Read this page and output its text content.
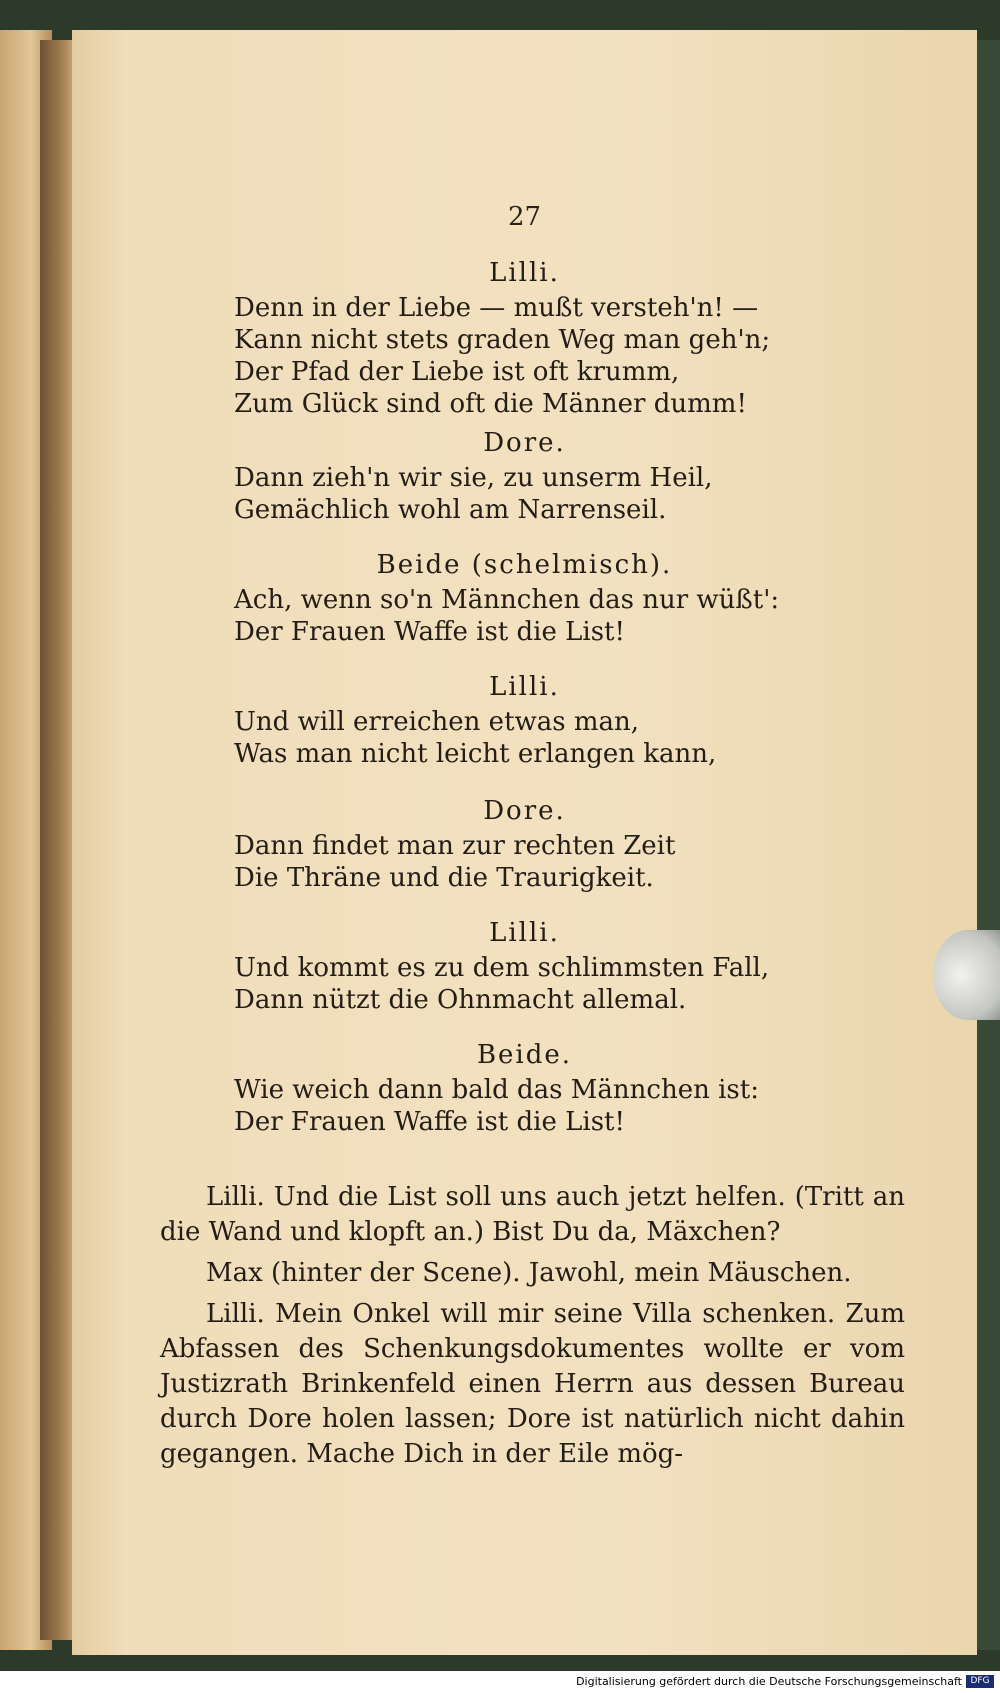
27
Lilli.
Denn in der Liebe — mußt versteh'n! —
Kann nicht stets graden Weg man geh'n;
Der Pfad der Liebe ist oft krumm,
Zum Glück sind oft die Männer dumm!
Dore.
Dann zieh'n wir sie, zu unserm Heil,
Gemächlich wohl am Narrenseil.
Beide (schelmisch).
Ach, wenn so'n Männchen das nur wüßt':
Der Frauen Waffe ist die List!
Lilli.
Und will erreichen etwas man,
Was man nicht leicht erlangen kann,
Dore.
Dann findet man zur rechten Zeit
Die Thräne und die Traurigkeit.
Lilli.
Und kommt es zu dem schlimmsten Fall,
Dann nützt die Ohnmacht allemal.
Beide.
Wie weich dann bald das Männchen ist:
Der Frauen Waffe ist die List!

Lilli. Und die List soll uns auch jetzt helfen. (Tritt an die Wand und klopft an.) Bist Du da, Mäxchen?

Max (hinter der Scene). Jawohl, mein Mäuschen.

Lilli. Mein Onkel will mir seine Villa schenken. Zum Abfassen des Schenkungsdokumentes wollte er vom Justizrath Brinkenfeld einen Herrn aus dessen Bureau durch Dore holen lassen; Dore ist natürlich nicht dahin gegangen. Mache Dich in der Eile mög-

Digitalisierung gefördert durch die Deutsche Forschungsgemeinschaft DFG
